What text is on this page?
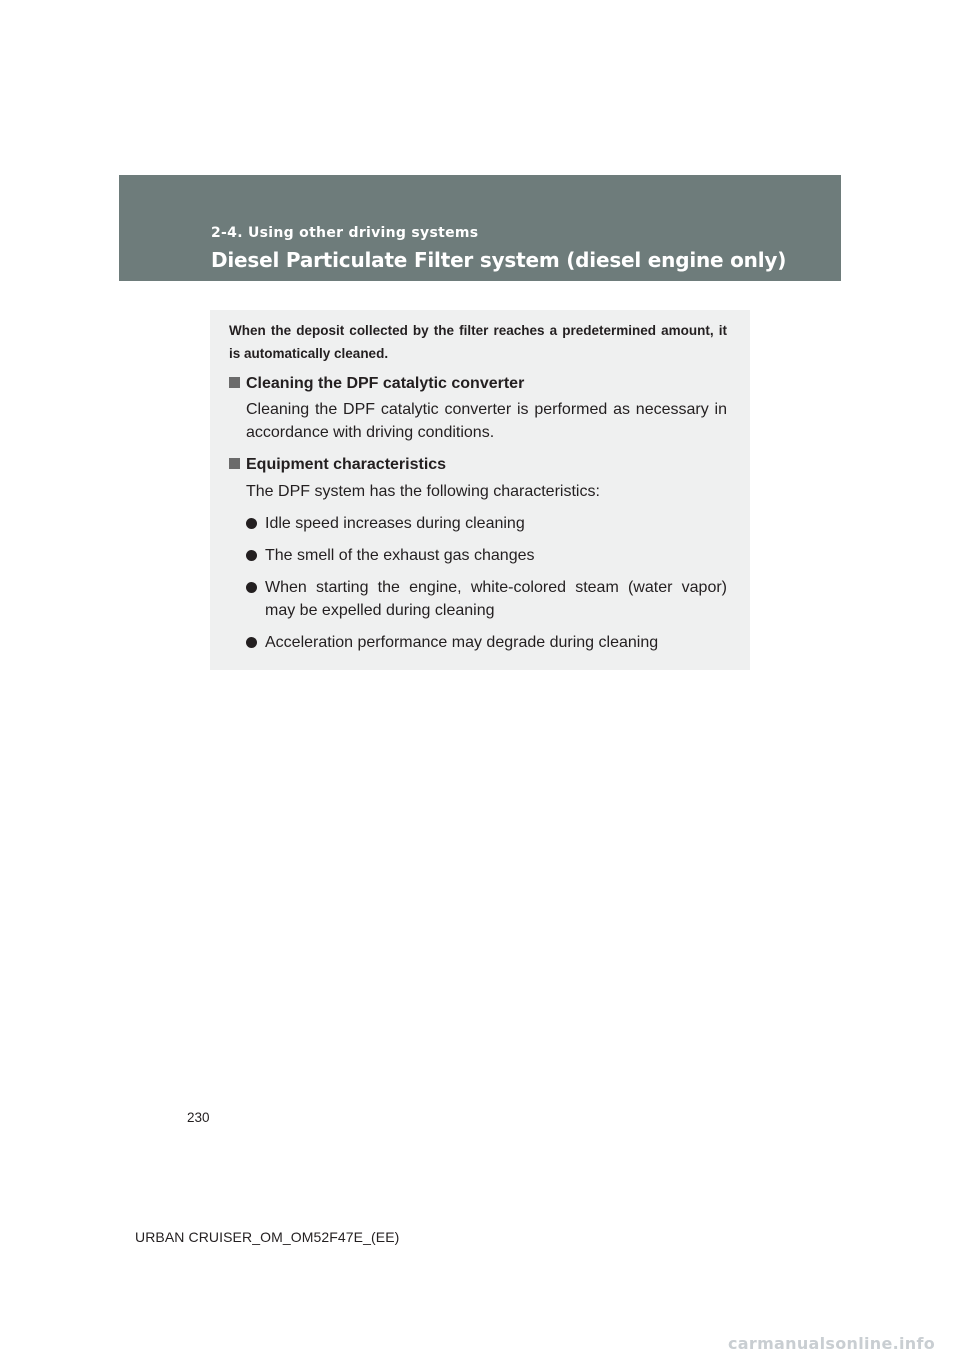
2-4. Using other driving systems
Diesel Particulate Filter system (diesel engine only)
When the deposit collected by the filter reaches a predetermined amount, it is automatically cleaned.
Cleaning the DPF catalytic converter
Cleaning the DPF catalytic converter is performed as necessary in accordance with driving conditions.
Equipment characteristics
The DPF system has the following characteristics:
Idle speed increases during cleaning
The smell of the exhaust gas changes
When starting the engine, white-colored steam (water vapor) may be expelled during cleaning
Acceleration performance may degrade during cleaning
230
URBAN CRUISER_OM_OM52F47E_(EE)
carmanualsonline.info
